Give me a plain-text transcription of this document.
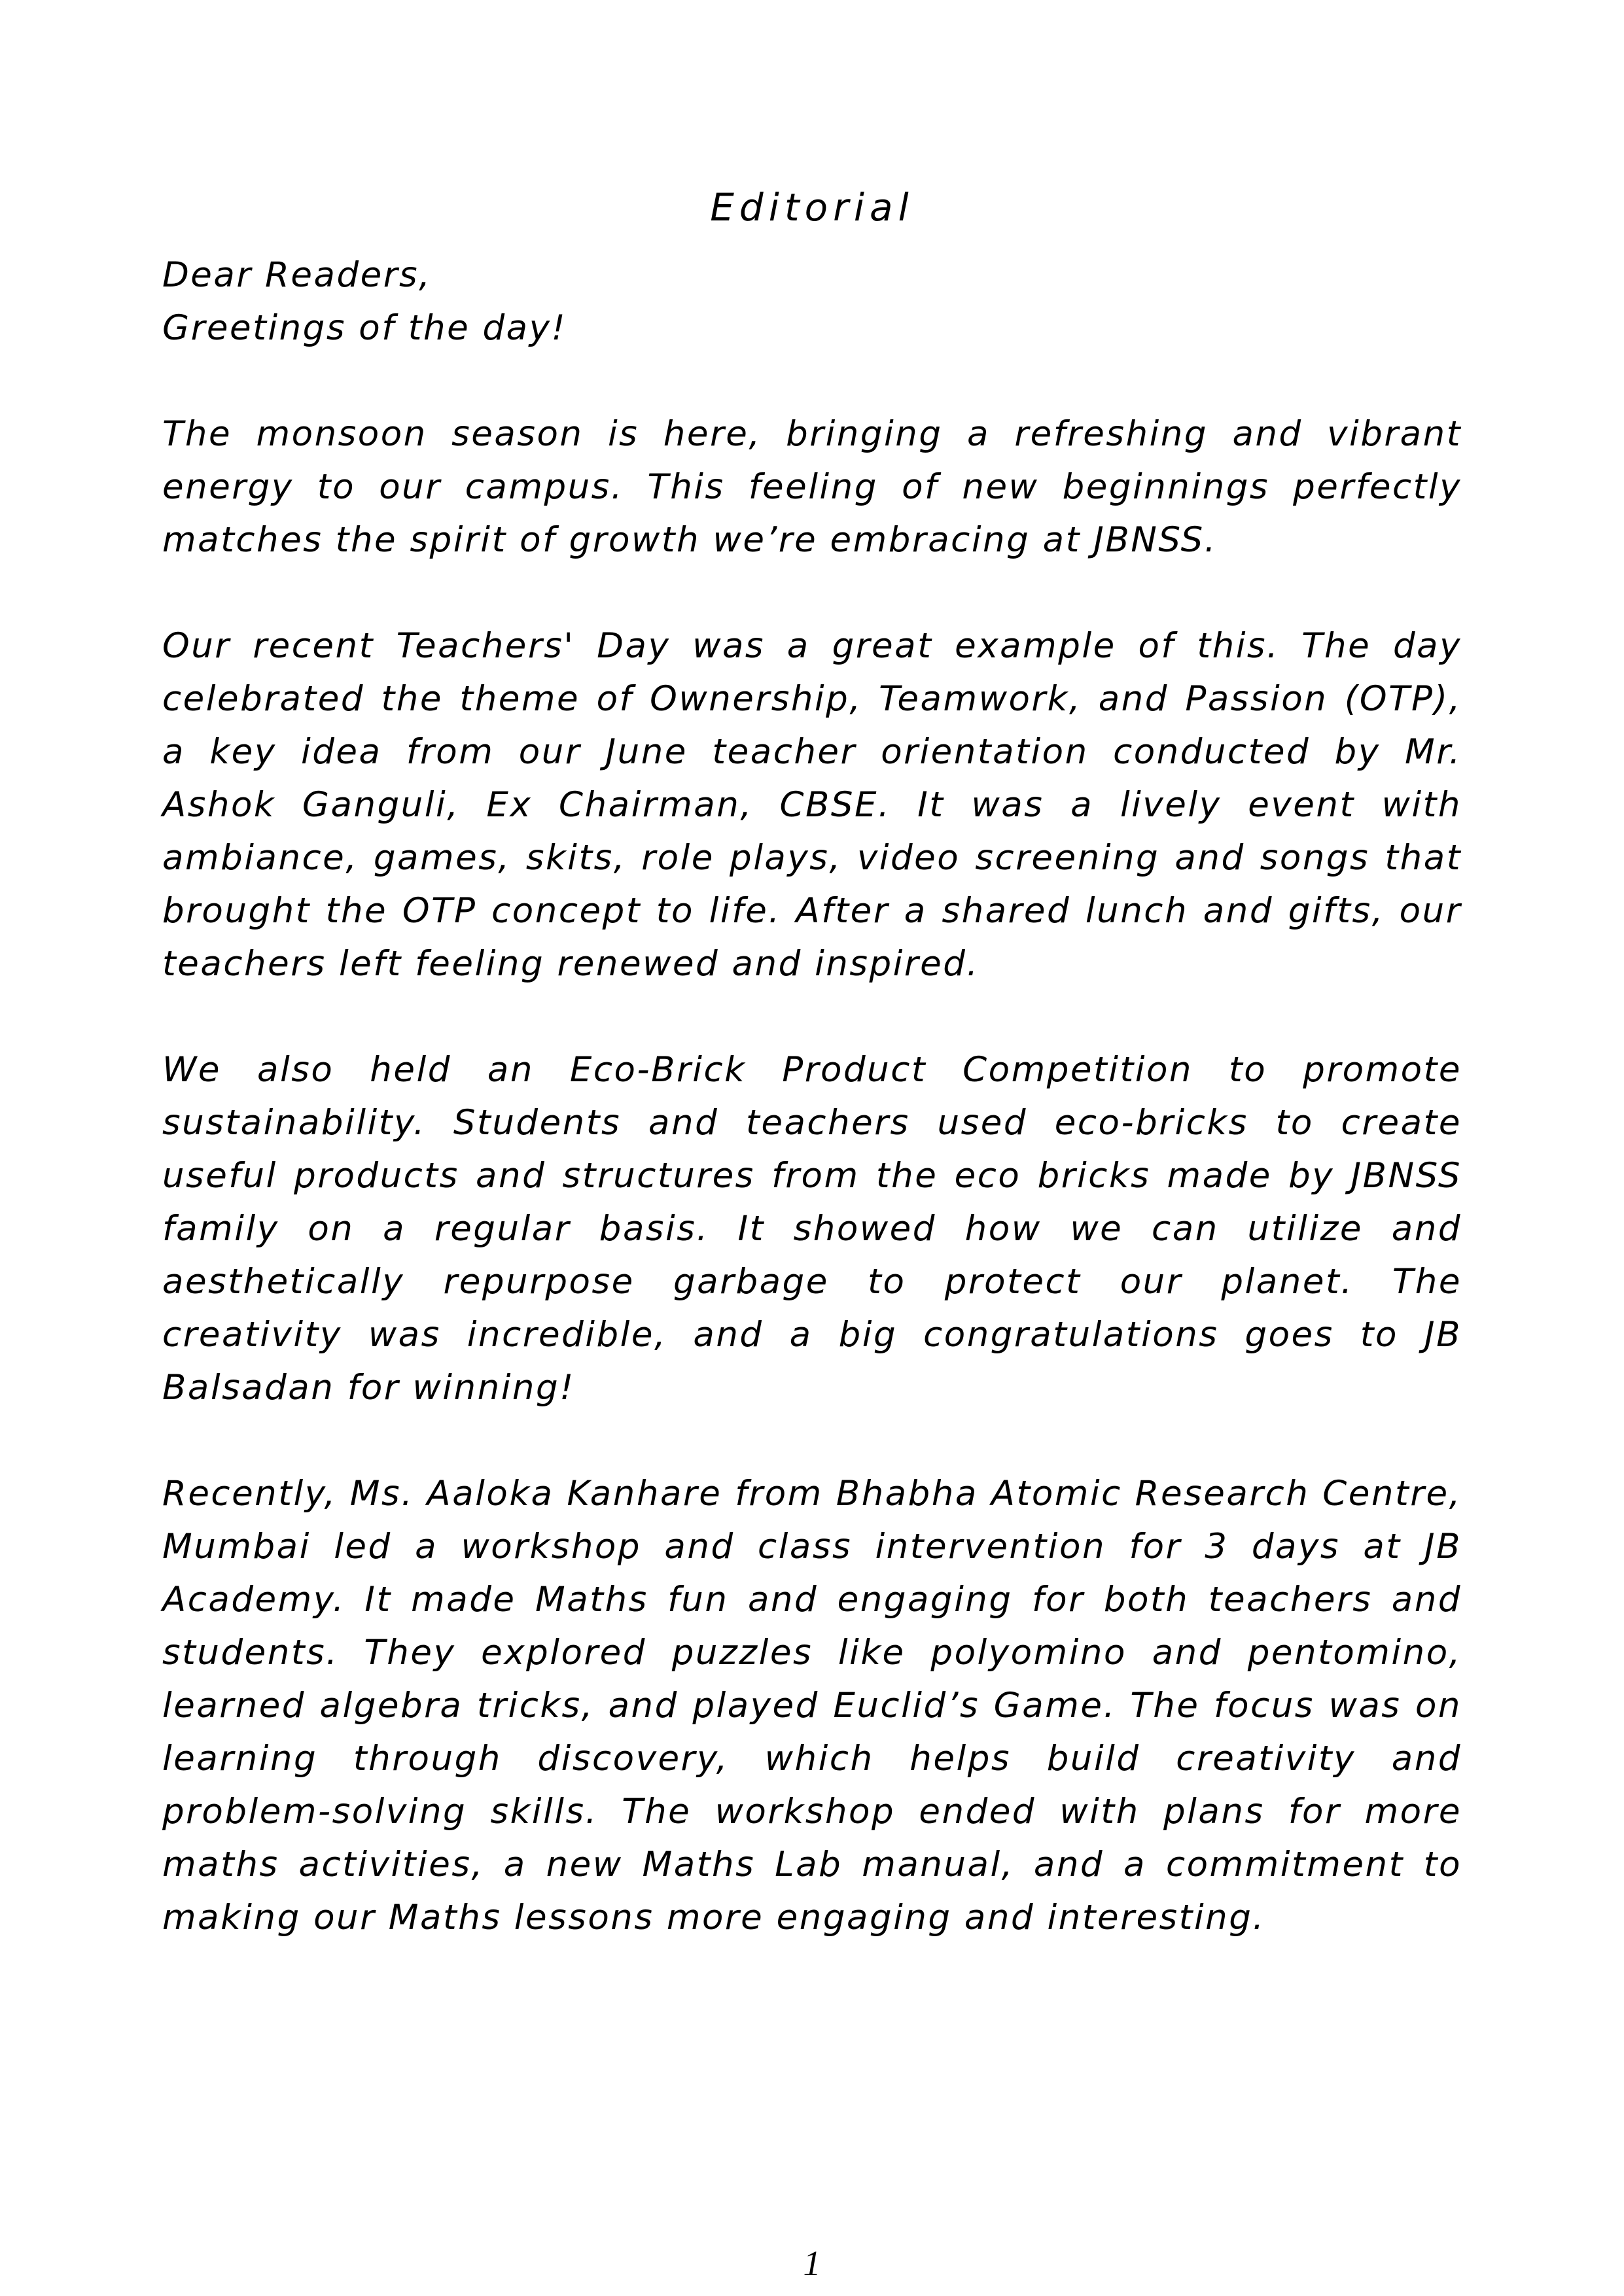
Editorial

Dear Readers,

Greetings of the day!

The monsoon season is here, bringing a refreshing and vibrant energy to our campus. This feeling of new beginnings perfectly matches the spirit of growth we’re embracing at JBNSS.

Our recent Teachers' Day was a great example of this. The day celebrated the theme of Ownership, Teamwork, and Passion (OTP), a key idea from our June teacher orientation conducted by Mr. Ashok Ganguli, Ex Chairman, CBSE. It was a lively event with ambiance, games, skits, role plays, video screening and songs that brought the OTP concept to life. After a shared lunch and gifts, our teachers left feeling renewed and inspired.

We also held an Eco-Brick Product Competition to promote sustainability. Students and teachers used eco-bricks to create useful products and structures from the eco bricks made by JBNSS family on a regular basis. It showed how we can utilize and aesthetically repurpose garbage to protect our planet. The creativity was incredible, and a big congratulations goes to JB Balsadan for winning!

Recently, Ms. Aaloka Kanhare from Bhabha Atomic Research Centre, Mumbai led a workshop and class intervention for 3 days at JB Academy. It made Maths fun and engaging for both teachers and students. They explored puzzles like polyomino and pentomino, learned algebra tricks, and played Euclid’s Game. The focus was on learning through discovery, which helps build creativity and problem-solving skills. The workshop ended with plans for more maths activities, a new Maths Lab manual, and a commitment to making our Maths lessons more engaging and interesting.

1
